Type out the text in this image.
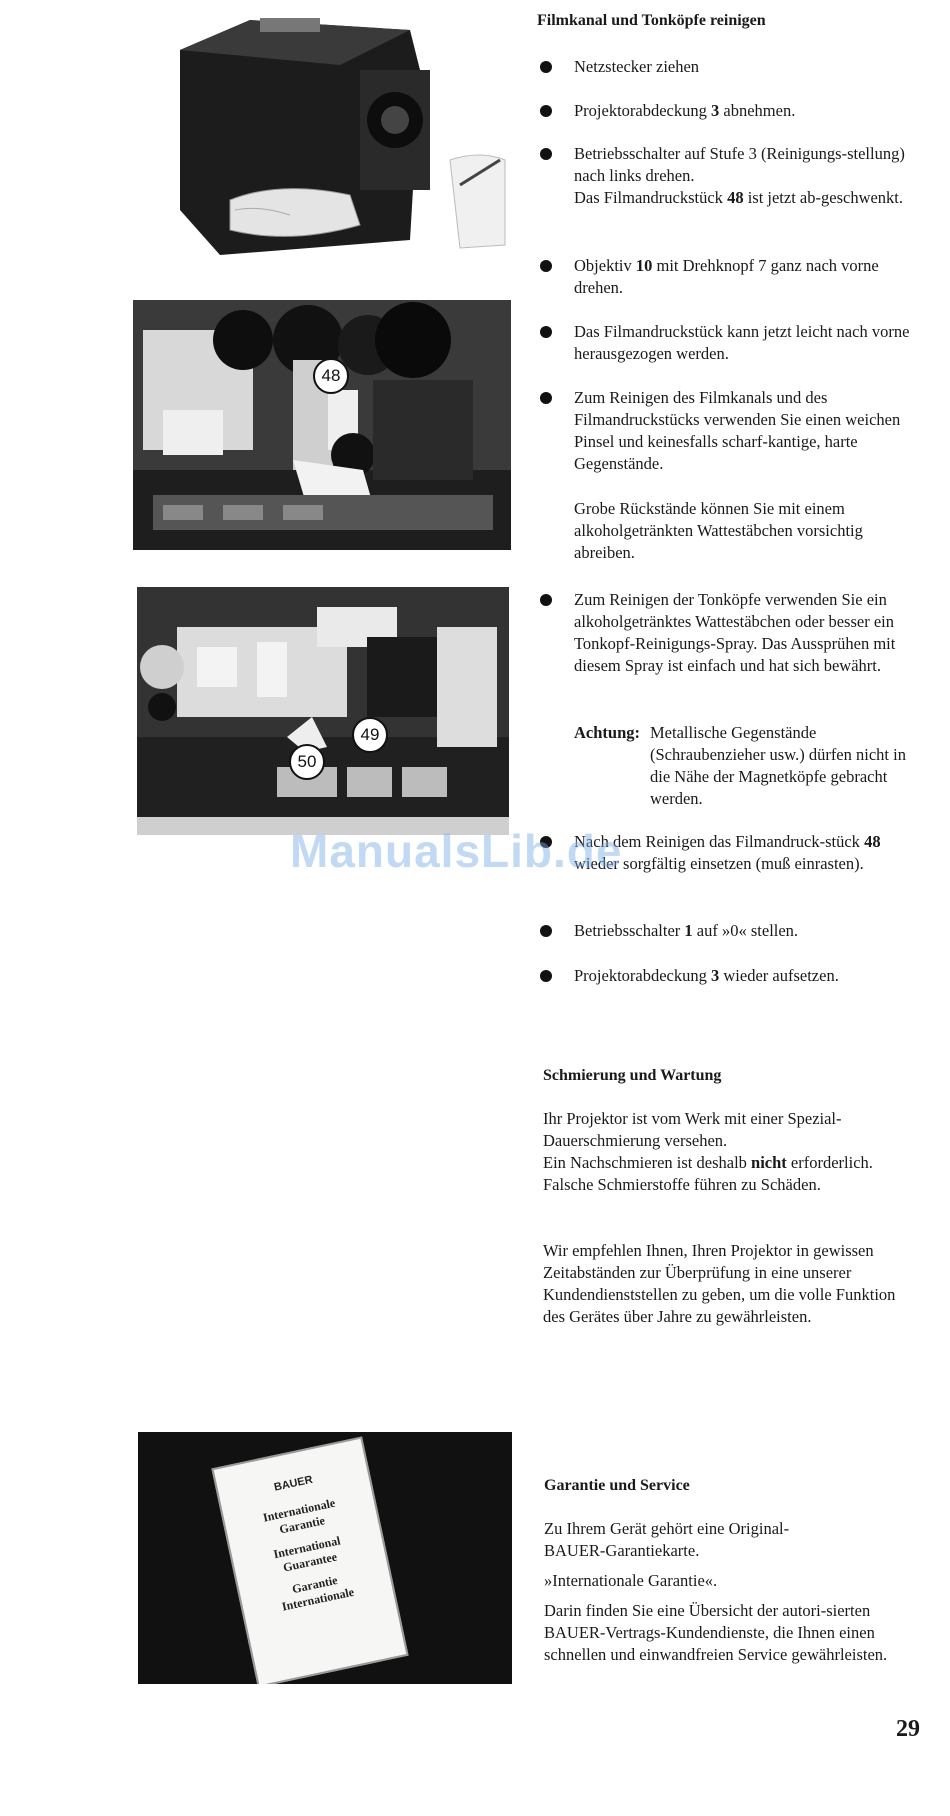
48
50
49
BAUER
Internationale Garantie
International Guarantee
Garantie Internationale
Filmkanal und Tonköpfe reinigen
Netzstecker ziehen
Projektorabdeckung 3 abnehmen.
Betriebsschalter auf Stufe 3 (Reinigungs-stellung) nach links drehen.
Das Filmandruckstück 48 ist jetzt ab-geschwenkt.
Objektiv 10 mit Drehknopf 7 ganz nach vorne drehen.
Das Filmandruckstück kann jetzt leicht nach vorne herausgezogen werden.
Zum Reinigen des Filmkanals und des Filmandruckstücks verwenden Sie einen weichen Pinsel und keinesfalls scharf-kantige, harte Gegenstände.
Grobe Rückstände können Sie mit einem alkoholgetränkten Wattestäbchen vorsichtig abreiben.
Zum Reinigen der Tonköpfe verwenden Sie ein alkoholgetränktes Wattestäbchen oder besser ein Tonkopf-Reinigungs-Spray. Das Aussprühen mit diesem Spray ist einfach und hat sich bewährt.
Achtung: Metallische Gegenstände (Schraubenzieher usw.) dürfen nicht in die Nähe der Magnetköpfe gebracht werden.
Nach dem Reinigen das Filmandruck-stück 48 wieder sorgfältig einsetzen (muß einrasten).
Betriebsschalter 1 auf »0« stellen.
Projektorabdeckung 3 wieder aufsetzen.
Schmierung und Wartung
Ihr Projektor ist vom Werk mit einer Spezial-Dauerschmierung versehen.
Ein Nachschmieren ist deshalb nicht erforderlich.
Falsche Schmierstoffe führen zu Schäden.
Wir empfehlen Ihnen, Ihren Projektor in gewissen Zeitabständen zur Überprüfung in eine unserer Kundendienststellen zu geben, um die volle Funktion des Gerätes über Jahre zu gewährleisten.
Garantie und Service
Zu Ihrem Gerät gehört eine Original-BAUER-Garantiekarte.
»Internationale Garantie«.
Darin finden Sie eine Übersicht der autori-sierten BAUER-Vertrags-Kundendienste, die Ihnen einen schnellen und einwandfreien Service gewährleisten.
29
ManualsLib.de
